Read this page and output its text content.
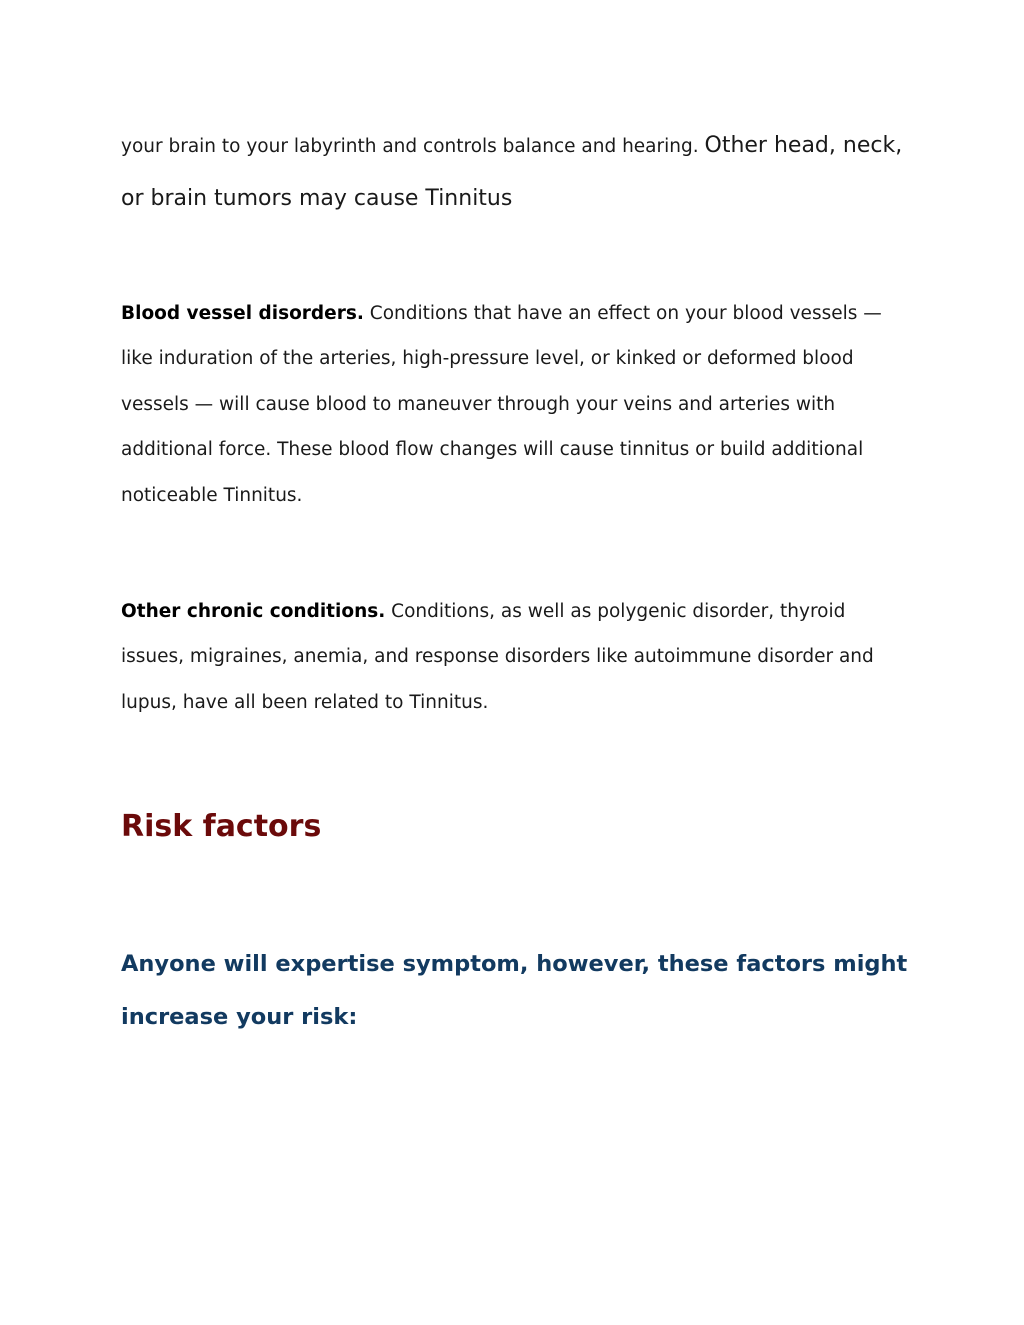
your brain to your labyrinth and controls balance and hearing. Other head, neck, or brain tumors may cause Tinnitus

Blood vessel disorders. Conditions that have an effect on your blood vessels — like induration of the arteries, high-pressure level, or kinked or deformed blood vessels — will cause blood to maneuver through your veins and arteries with additional force. These blood flow changes will cause tinnitus or build additional noticeable Tinnitus.

Other chronic conditions. Conditions, as well as polygenic disorder, thyroid issues, migraines, anemia, and response disorders like autoimmune disorder and lupus, have all been related to Tinnitus.

Risk factors
Anyone will expertise symptom, however, these factors might increase your risk:
